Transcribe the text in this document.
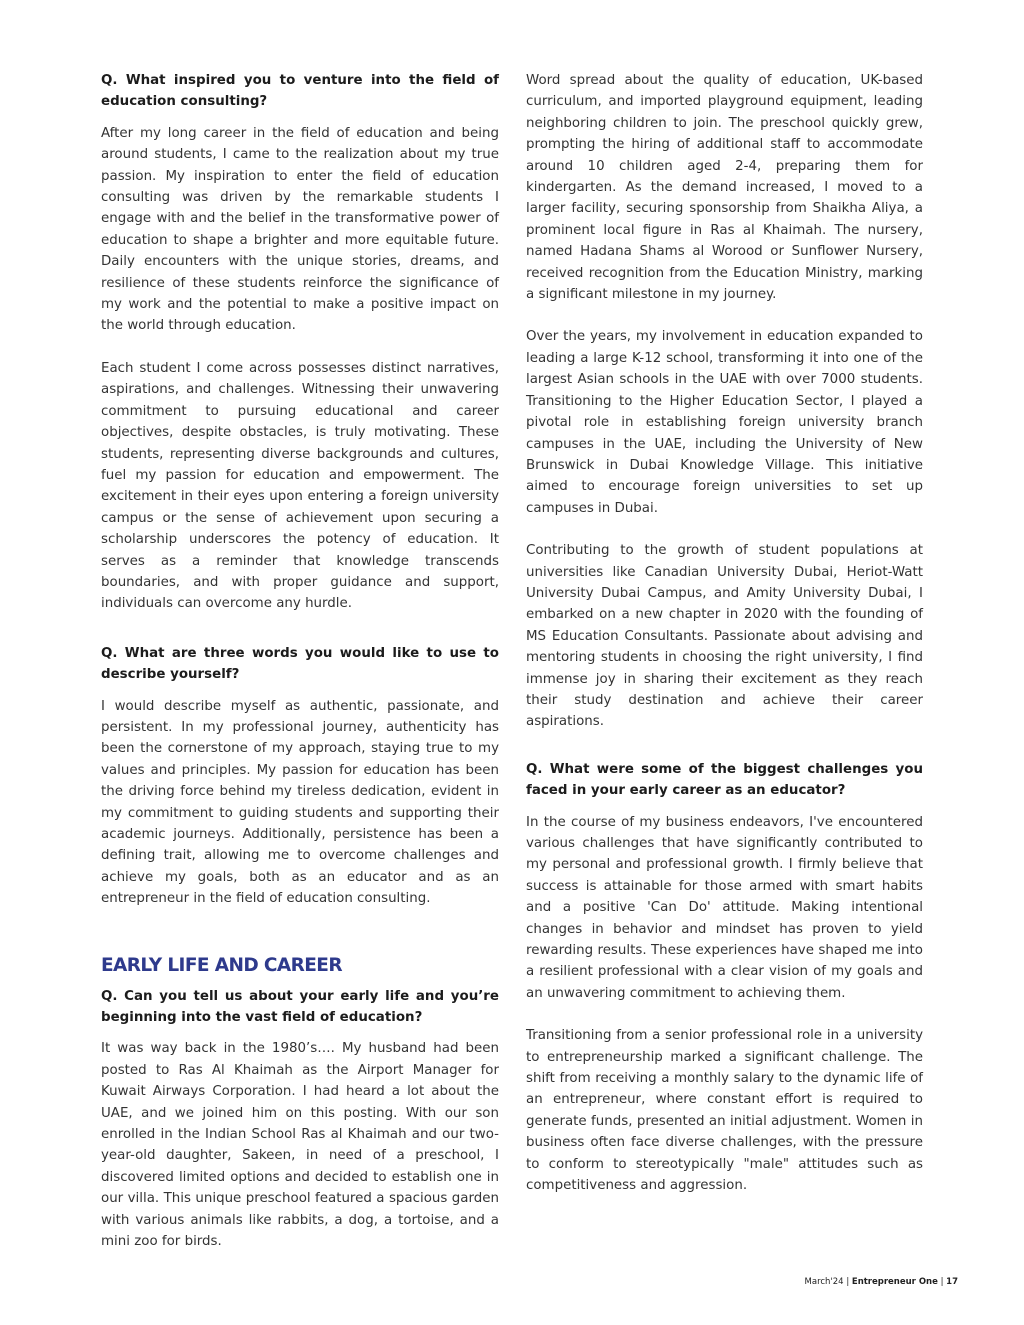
Q. What inspired you to venture into the field of education consulting?

After my long career in the field of education and being around students, I came to the realization about my true passion. My inspiration to enter the field of education consulting was driven by the remarkable students I engage with and the belief in the transformative power of education to shape a brighter and more equitable future. Daily encounters with the unique stories, dreams, and resilience of these students reinforce the significance of my work and the potential to make a positive impact on the world through education.

Each student I come across possesses distinct narratives, aspirations, and challenges. Witnessing their unwavering commitment to pursuing educational and career objectives, despite obstacles, is truly motivating. These students, representing diverse backgrounds and cultures, fuel my passion for education and empowerment. The excitement in their eyes upon entering a foreign university campus or the sense of achievement upon securing a scholarship underscores the potency of education. It serves as a reminder that knowledge transcends boundaries, and with proper guidance and support, individuals can overcome any hurdle.

Q. What are three words you would like to use to describe yourself?

I would describe myself as authentic, passionate, and persistent. In my professional journey, authenticity has been the cornerstone of my approach, staying true to my values and principles. My passion for education has been the driving force behind my tireless dedication, evident in my commitment to guiding students and supporting their academic journeys. Additionally, persistence has been a defining trait, allowing me to overcome challenges and achieve my goals, both as an educator and as an entrepreneur in the field of education consulting.

EARLY LIFE AND CAREER

Q. Can you tell us about your early life and you’re beginning into the vast field of education?

It was way back in the 1980’s…. My husband had been posted to Ras Al Khaimah as the Airport Manager for Kuwait Airways Corporation. I had heard a lot about the UAE, and we joined him on this posting. With our son enrolled in the Indian School Ras al Khaimah and our two-year-old daughter, Sakeen, in need of a preschool, I discovered limited options and decided to establish one in our villa. This unique preschool featured a spacious garden with various animals like rabbits, a dog, a tortoise, and a mini zoo for birds.

Word spread about the quality of education, UK-based curriculum, and imported playground equipment, leading neighboring children to join. The preschool quickly grew, prompting the hiring of additional staff to accommodate around 10 children aged 2-4, preparing them for kindergarten. As the demand increased, I moved to a larger facility, securing sponsorship from Shaikha Aliya, a prominent local figure in Ras al Khaimah. The nursery, named Hadana Shams al Worood or Sunflower Nursery, received recognition from the Education Ministry, marking a significant milestone in my journey.

Over the years, my involvement in education expanded to leading a large K-12 school, transforming it into one of the largest Asian schools in the UAE with over 7000 students. Transitioning to the Higher Education Sector, I played a pivotal role in establishing foreign university branch campuses in the UAE, including the University of New Brunswick in Dubai Knowledge Village. This initiative aimed to encourage foreign universities to set up campuses in Dubai.

Contributing to the growth of student populations at universities like Canadian University Dubai, Heriot-Watt University Dubai Campus, and Amity University Dubai, I embarked on a new chapter in 2020 with the founding of MS Education Consultants. Passionate about advising and mentoring students in choosing the right university, I find immense joy in sharing their excitement as they reach their study destination and achieve their career aspirations.

Q. What were some of the biggest challenges you faced in your early career as an educator?

In the course of my business endeavors, I've encountered various challenges that have significantly contributed to my personal and professional growth. I firmly believe that success is attainable for those armed with smart habits and a positive 'Can Do' attitude. Making intentional changes in behavior and mindset has proven to yield rewarding results. These experiences have shaped me into a resilient professional with a clear vision of my goals and an unwavering commitment to achieving them.

Transitioning from a senior professional role in a university to entrepreneurship marked a significant challenge. The shift from receiving a monthly salary to the dynamic life of an entrepreneur, where constant effort is required to generate funds, presented an initial adjustment. Women in business often face diverse challenges, with the pressure to conform to stereotypically "male" attitudes such as competitiveness and aggression.

March'24 | Entrepreneur One | 17
